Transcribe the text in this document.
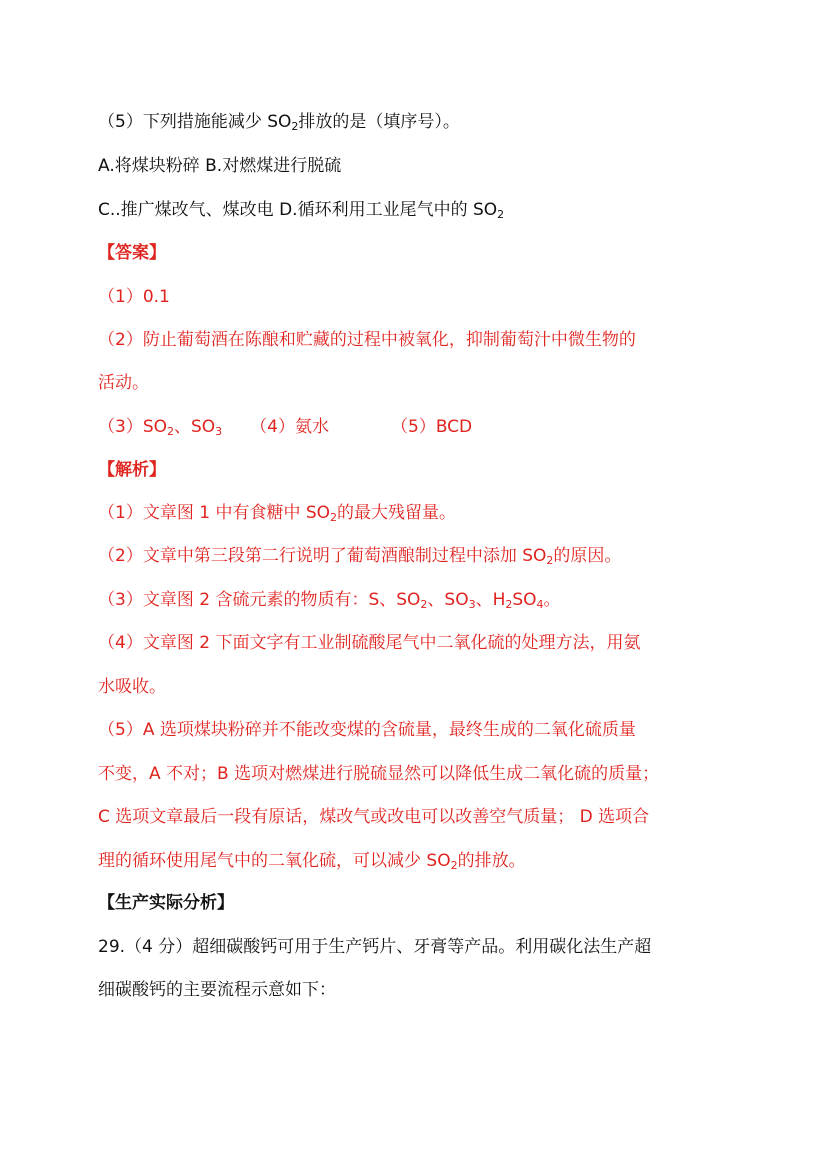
（5）下列措施能减少 $SO_2$排放的是（填序号）。
A.将煤块粉碎 B.对燃煤进行脱硫
C..推广煤改气、煤改电 D.循环利用工业尾气中的 $SO_2$
【答案】
（1）0.1
（2）防止葡萄酒在陈酿和贮藏的过程中被氧化，抑制葡萄汁中微生物的
活动。
$(3)SO_2$、$SO_3$ （4）氨水	（5）BCD
【解析】
（1）文章图 1 中有食糖中 $SO_2$的最大残留量。
（2）文章中第三段第二行说明了葡萄酒酿制过程中添加 $SO_2$的原因。
（3）文章图 2 含硫元素的物质有：S、$SO_2$、$SO_3$、$H_2SO_4$。
（4）文章图 2 下面文字有工业制硫酸尾气中二氧化硫的处理方法，用氨
水吸收。
（5）A 选项煤块粉碎并不能改变煤的含硫量，最终生成的二氧化硫质量
不变，A 不对；B 选项对燃煤进行脱硫显然可以降低生成二氧化硫的质量；
C 选项文章最后一段有原话，煤改气或改电可以改善空气质量； D 选项合
理的循环使用尾气中的二氧化硫，可以减少 $SO_2$的排放。
【生产实际分析】
29.（4 分）超细碳酸钙可用于生产钙片、牙膏等产品。利用碳化法生产超
细碳酸钙的主要流程示意如下：
